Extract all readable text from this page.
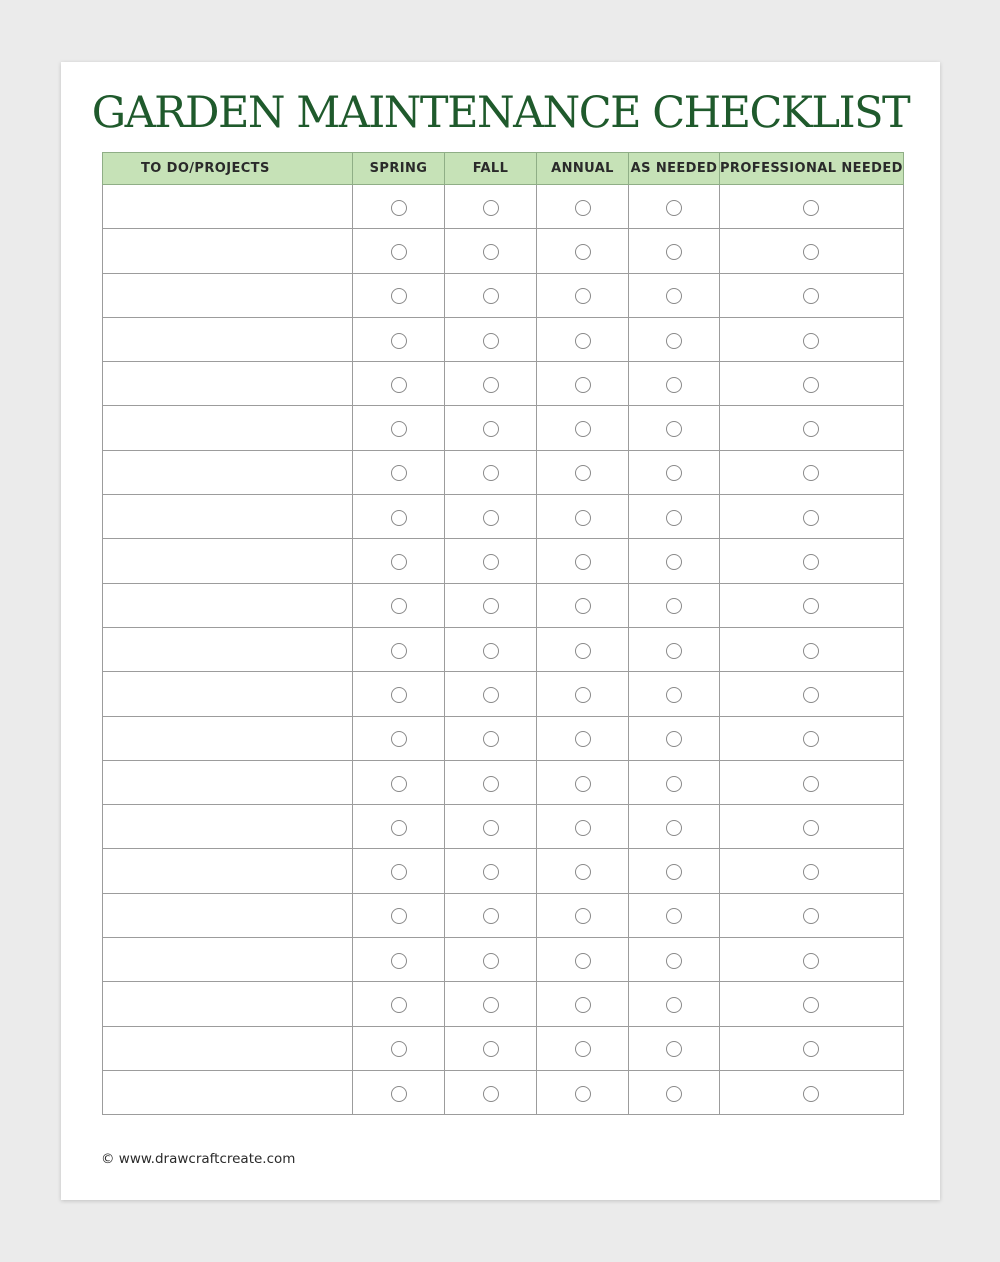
GARDEN MAINTENANCE CHECKLIST
TO DO/PROJECTS	SPRING	FALL	ANNUAL	AS NEEDED	PROFESSIONAL NEEDED

© www.drawcraftcreate.com
